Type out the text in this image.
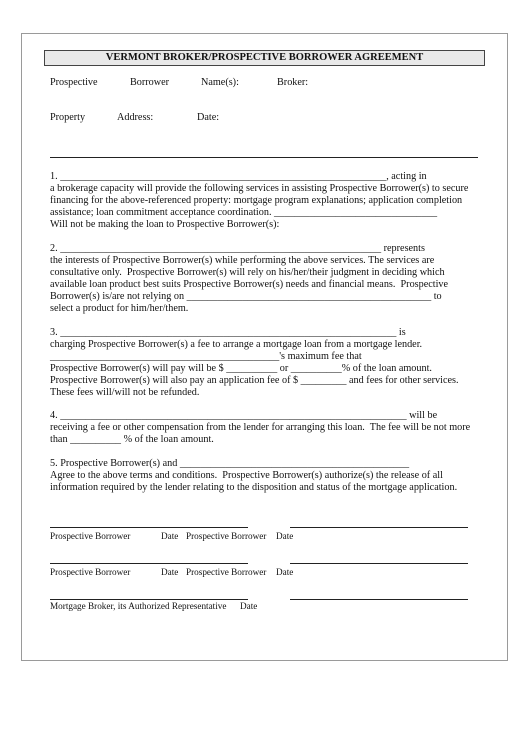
VERMONT BROKER/PROSPECTIVE BORROWER AGREEMENT
Prospective	Borrower	Name(s):	Broker:
Property	Address:	Date:
1. ________________________________________________________________, acting in
a brokerage capacity will provide the following services in assisting Prospective Borrower(s) to secure
financing for the above-referenced property: mortgage program explanations; application completion
assistance; loan commitment acceptance coordination. ________________________________
Will not be making the loan to Prospective Borrower(s):
2. _______________________________________________________________ represents
the interests of Prospective Borrower(s) while performing the above services. The services are
consultative only.  Prospective Borrower(s) will rely on his/her/their judgment in deciding which
available loan product best suits Prospective Borrower(s) needs and financial means.  Prospective
Borrower(s) is/are not relying on ________________________________________________ to
select a product for him/her/them.
3. __________________________________________________________________ is
charging Prospective Borrower(s) a fee to arrange a mortgage loan from a mortgage lender.
_____________________________________________'s maximum fee that
Prospective Borrower(s) will pay will be $ __________ or __________% of the loan amount.
Prospective Borrower(s) will also pay an application fee of $ _________ and fees for other services.
These fees will/will not be refunded.
4. ____________________________________________________________________ will be
receiving a fee or other compensation from the lender for arranging this loan.  The fee will be not more
than __________ % of the loan amount.
5. Prospective Borrower(s) and _____________________________________________
Agree to the above terms and conditions.  Prospective Borrower(s) authorize(s) the release of all
information required by the lender relating to the disposition and status of the mortgage application.
Prospective Borrower	Date Prospective Borrower Date
Prospective Borrower	Date Prospective Borrower Date
Mortgage Broker, its Authorized Representative Date
